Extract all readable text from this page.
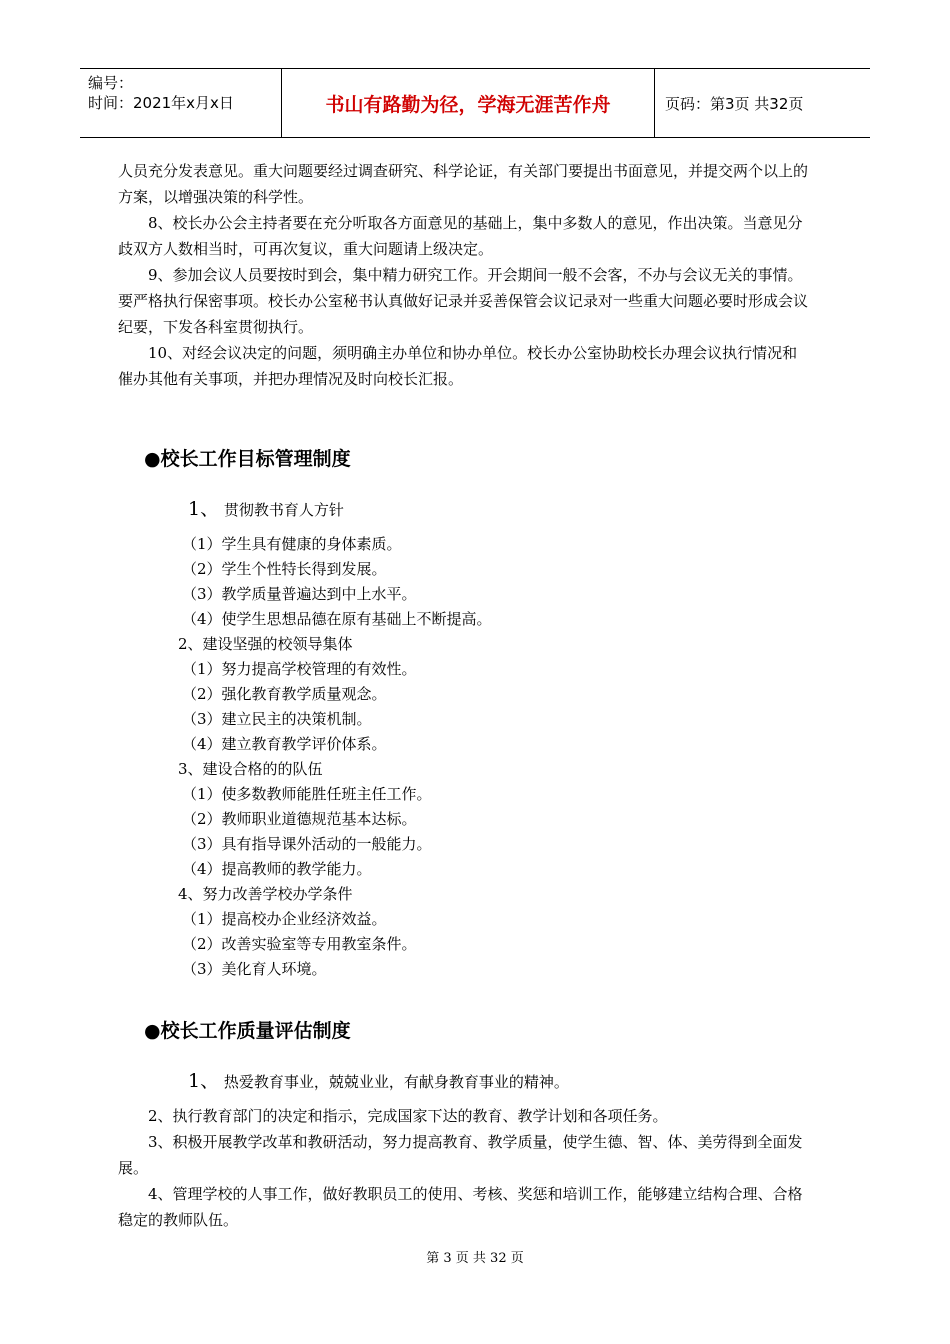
编号：
时间：2021年x月x日	书山有路勤为径，学海无涯苦作舟	页码：第3页 共32页
人员充分发表意见。重大问题要经过调查研究、科学论证，有关部门要提出书面意见，并提交两个以上的方案，以增强决策的科学性。
8、校长办公会主持者要在充分听取各方面意见的基础上，集中多数人的意见，作出决策。当意见分歧双方人数相当时，可再次复议，重大问题请上级决定。
9、参加会议人员要按时到会，集中精力研究工作。开会期间一般不会客，不办与会议无关的事情。要严格执行保密事项。校长办公室秘书认真做好记录并妥善保管会议记录对一些重大问题必要时形成会议纪要，下发各科室贯彻执行。
10、对经会议决定的问题，须明确主办单位和协办单位。校长办公室协助校长办理会议执行情况和催办其他有关事项，并把办理情况及时向校长汇报。
●校长工作目标管理制度
1、 贯彻教书育人方针
（1）学生具有健康的身体素质。
（2）学生个性特长得到发展。
（3）教学质量普遍达到中上水平。
（4）使学生思想品德在原有基础上不断提高。
2、建设坚强的校领导集体
（1）努力提高学校管理的有效性。
（2）强化教育教学质量观念。
（3）建立民主的决策机制。
（4）建立教育教学评价体系。
3、建设合格的的队伍
（1）使多数教师能胜任班主任工作。
（2）教师职业道德规范基本达标。
（3）具有指导课外活动的一般能力。
（4）提高教师的教学能力。
4、努力改善学校办学条件
（1）提高校办企业经济效益。
（2）改善实验室等专用教室条件。
（3）美化育人环境。
●校长工作质量评估制度
1、 热爱教育事业，兢兢业业，有献身教育事业的精神。
2、执行教育部门的决定和指示，完成国家下达的教育、教学计划和各项任务。
3、积极开展教学改革和教研活动，努力提高教育、教学质量，使学生德、智、体、美劳得到全面发展。
4、管理学校的人事工作，做好教职员工的使用、考核、奖惩和培训工作，能够建立结构合理、合格稳定的教师队伍。
第 3 页 共 32 页
